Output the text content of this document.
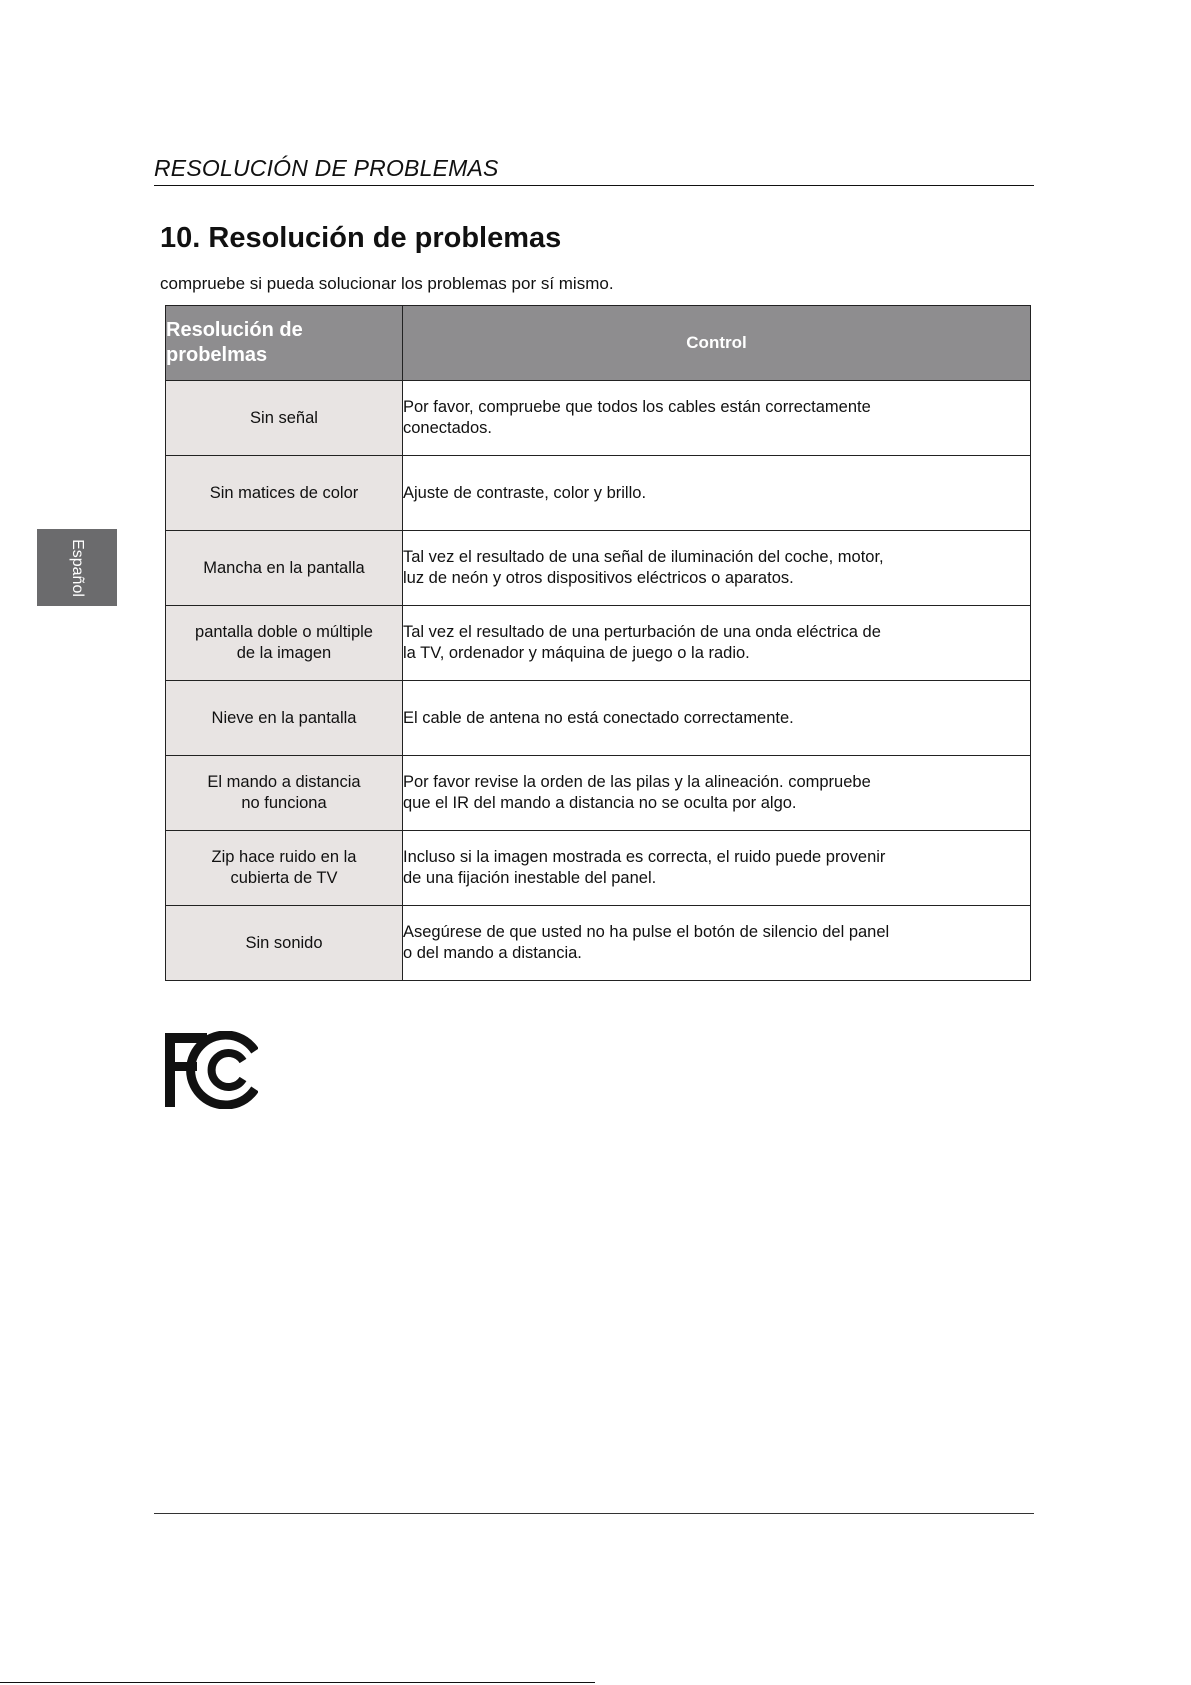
RESOLUCIÓN DE PROBLEMAS
10. Resolución de problemas
compruebe si pueda solucionar los problemas por sí mismo.
Español
Resolución de probelmas	Control
Sin señal	Por favor, compruebe que todos los cables están correctamente
conectados.
Sin matices de color	Ajuste de contraste, color y brillo.
Mancha en la pantalla	Tal vez el resultado de una señal de iluminación del coche, motor,
luz de neón y otros dispositivos eléctricos o aparatos.
pantalla doble o múltiple
de la imagen	Tal vez el resultado de una perturbación de una onda eléctrica de
la TV, ordenador y máquina de juego o la radio.
Nieve en la pantalla	El cable de antena no está conectado correctamente.
El mando a distancia
no funciona	Por favor revise la orden de las pilas y la alineación. compruebe
que el IR del mando a distancia no se oculta por algo.
Zip hace ruido en la
cubierta de TV	Incluso si la imagen mostrada es correcta, el ruido puede provenir
de una fijación inestable del panel.
Sin sonido	Asegúrese de que usted no ha pulse el botón de silencio del panel
o del mando a distancia.
